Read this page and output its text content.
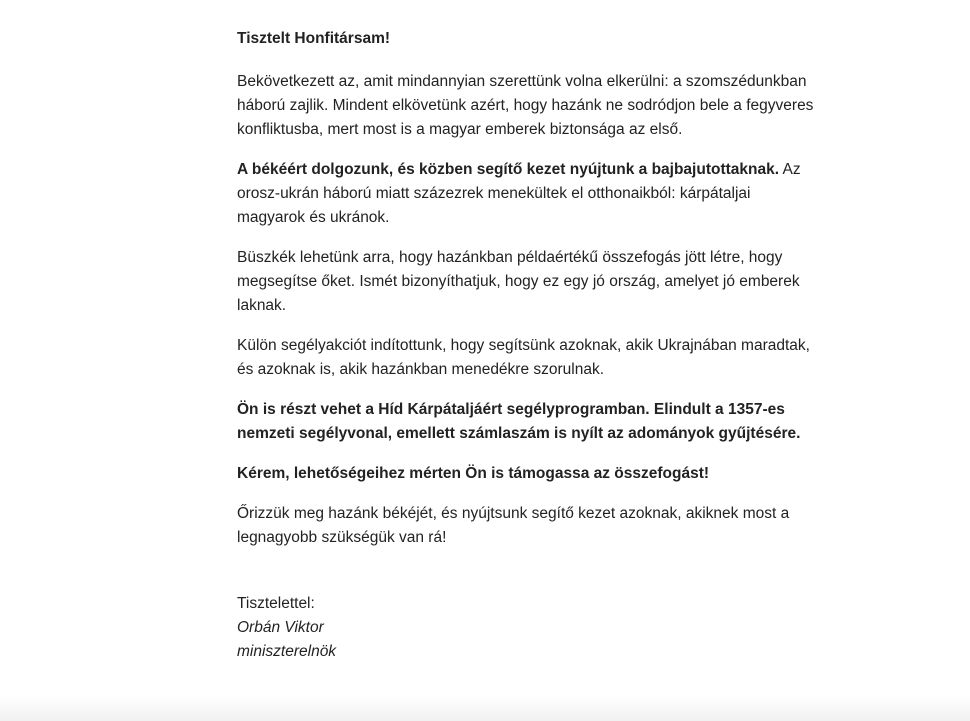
Tisztelt Honfitársam!

Bekövetkezett az, amit mindannyian szerettünk volna elkerülni: a szomszédunkban háború zajlik. Mindent elkövetünk azért, hogy hazánk ne sodródjon bele a fegyveres konfliktusba, mert most is a magyar emberek biztonsága az első.

A békéért dolgozunk, és közben segítő kezet nyújtunk a bajbajutottaknak. Az orosz-ukrán háború miatt százezrek menekültek el otthonaikból: kárpátaljai magyarok és ukránok.

Büszkék lehetünk arra, hogy hazánkban példaértékű összefogás jött létre, hogy megsegítse őket. Ismét bizonyíthatjuk, hogy ez egy jó ország, amelyet jó emberek laknak.

Külön segélyakciót indítottunk, hogy segítsünk azoknak, akik Ukrajnában maradtak, és azoknak is, akik hazánkban menedékre szorulnak.

Ön is részt vehet a Híd Kárpátaljáért segélyprogramban. Elindult a 1357-es nemzeti segélyvonal, emellett számlaszám is nyílt az adományok gyűjtésére.

Kérem, lehetőségeihez mérten Ön is támogassa az összefogást!

Őrizzük meg hazánk békéjét, és nyújtsunk segítő kezet azoknak, akiknek most a legnagyobb szükségük van rá!

Tisztelettel:
Orbán Viktor
miniszterelnök
